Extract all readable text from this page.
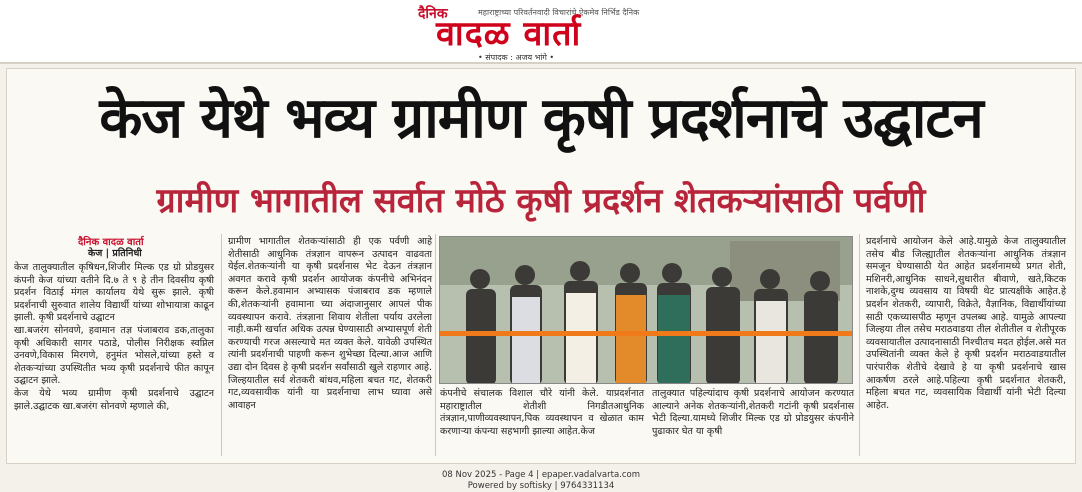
दैनिक	महाराष्ट्राच्या परिवर्तनवादी विचारांचे ऐकमेव निर्भिड दैनिक
वादळ वार्ता
• संपादक : अजय भांगे •
केज येथे भव्य ग्रामीण कृषी प्रदर्शनाचे उद्घाटन
ग्रामीण भागातील सर्वात मोठे कृषी प्रदर्शन शेतकऱ्यांसाठी पर्वणी
दैनिक वादळ वार्ता
केज | प्रतिनिधी

केज तालुक्यातील कृषिधन,शिजीर मिल्क एड ग्रो प्रोडयुसर कंपनी केज यांच्या वतीने दि.७ ते ९ हे तीन दिवसीय कृषी प्रदर्शन विठाई मंगल कार्यालय येथे सुरू झाले. कृषी प्रदर्शनाची सुरुवात शालेय विद्यार्थी यांच्या शोभायात्रा काढून झाली. कृषी प्रदर्शनाचे उद्घाटन

खा.बजरंग सोनवणे, हवामान तज्ञ पंजाबराव डक,तालुका कृषी अधिकारी सागर पठाडे, पोलीस निरीक्षक स्वप्निल उनवणे,विकास मिरगणे, हनुमंत भोसले,यांच्या हस्ते व शेतकऱ्यांच्या उपस्थितीत भव्य कृषी प्रदर्शनाचे फीत कापून उद्घाटन झाले.

केज येथे भव्य ग्रामीण कृषी प्रदर्शनाचे उद्घाटन झाले.उद्घाटक खा.बजरंग सोनवणे म्हणाले की,

ग्रामीण भागातील शेतकऱ्यांसाठी ही एक पर्वणी आहे शेतीसाठी आधुनिक तंत्रज्ञान वापरून उत्पादन वाढवता येईल.शेतकऱ्यांनी या कृषी प्रदर्शनास भेट देऊन तंत्रज्ञान अवगत करावे कृषी प्रदर्शन आयोजक कंपनीचे अभिनंदन करून केले.हवामान अभ्यासक पंजाबराव डक म्हणाले की,शेतकऱ्यांनी हवामाना च्या अंदाजानुसार आपलं पीक व्यवस्थापन करावे. तंत्रज्ञाना शिवाय शेतीला पर्याय उरलेला नाही.कमी खर्चात अधिक उत्पन्न घेण्यासाठी अभ्यासपूर्ण शेती करण्याची गरज असल्याचे मत व्यक्त केले. यावेळी उपस्थित त्यांनी प्रदर्शनाची पाहणी करून शुभेच्छा दिल्या.आज आणि उद्या दोन दिवस हे कृषी प्रदर्शन सर्वांसाठी खुले राहणार आहे. जिल्हयातील सर्व शेतकरी बांधव,महिला बचत गट, शेतकरी गट,व्यवसायीक यांनी या प्रदर्शनाचा लाभ घ्यावा असे आवाहन

कंपनीचे संचालक विशाल चौरे यांनी केले. याप्रदर्शनात महाराष्ट्रातील शेतीशी निगडीतआधुनिक तंत्रज्ञान,पाणीव्यवस्थापन,पिक व्यवस्थापन व खेळात काम करणाऱ्या कंपन्या सहभागी झाल्या आहेत.केज

तालुक्यात पहिल्यांदाच कृषी प्रदर्शनाचे आयोजन करण्यात आल्याने अनेक शेतकऱ्यांनी,शेतकरी गटांनी कृषी प्रदर्शनास भेटी दिल्या.यामध्ये शिजीर मिल्क एड ग्रो प्रोडयुसर कंपनीने पुढाकार घेत या कृषी

प्रदर्शनाचे आयोजन केले आहे.यामुळे केज तालुक्यातील तसेच बीड जिल्ह्यातील शेतकऱ्यांना आधुनिक तंत्रज्ञान समजून घेण्यासाठी येत आहेत प्रदर्शनामध्ये प्रगत शेती, मशिनरी,आधुनिक साधने,सुधारीत बीवाणे, खते,किटक नाशके,दुग्ध व्यवसाय या विषयी थेट प्रात्यक्षीके आहेत.हे प्रदर्शन शेतकरी, व्यापारी, विक्रेते, वैज्ञानिक, विद्यार्थीयांच्या साठी एकच्यासपीठ म्हणून उपलब्ध आहे. यामुळे आपल्या जिल्हया तील तसेच मराठवाडया तील शेतीतील व शेतीपूरक व्यवसायातील उत्पादनासाठी निश्चीतच मदत होईल.असे मत उपस्थितांनी व्यक्त केले हे कृषी प्रदर्शन मराठवाडयातील पारंपारीक शेतीचे देखावे हे या कृषी प्रदर्शनाचे खास आकर्षण ठरले आहे.पहिल्या कृषी प्रदर्शनात शेतकरी, महिला बचत गट, व्यवसायिक विद्यार्थी यांनी भेटी दिल्या आहेत.

08 Nov 2025 - Page 4 | epaper.vadalvarta.com
Powered by softisky | 9764331134
